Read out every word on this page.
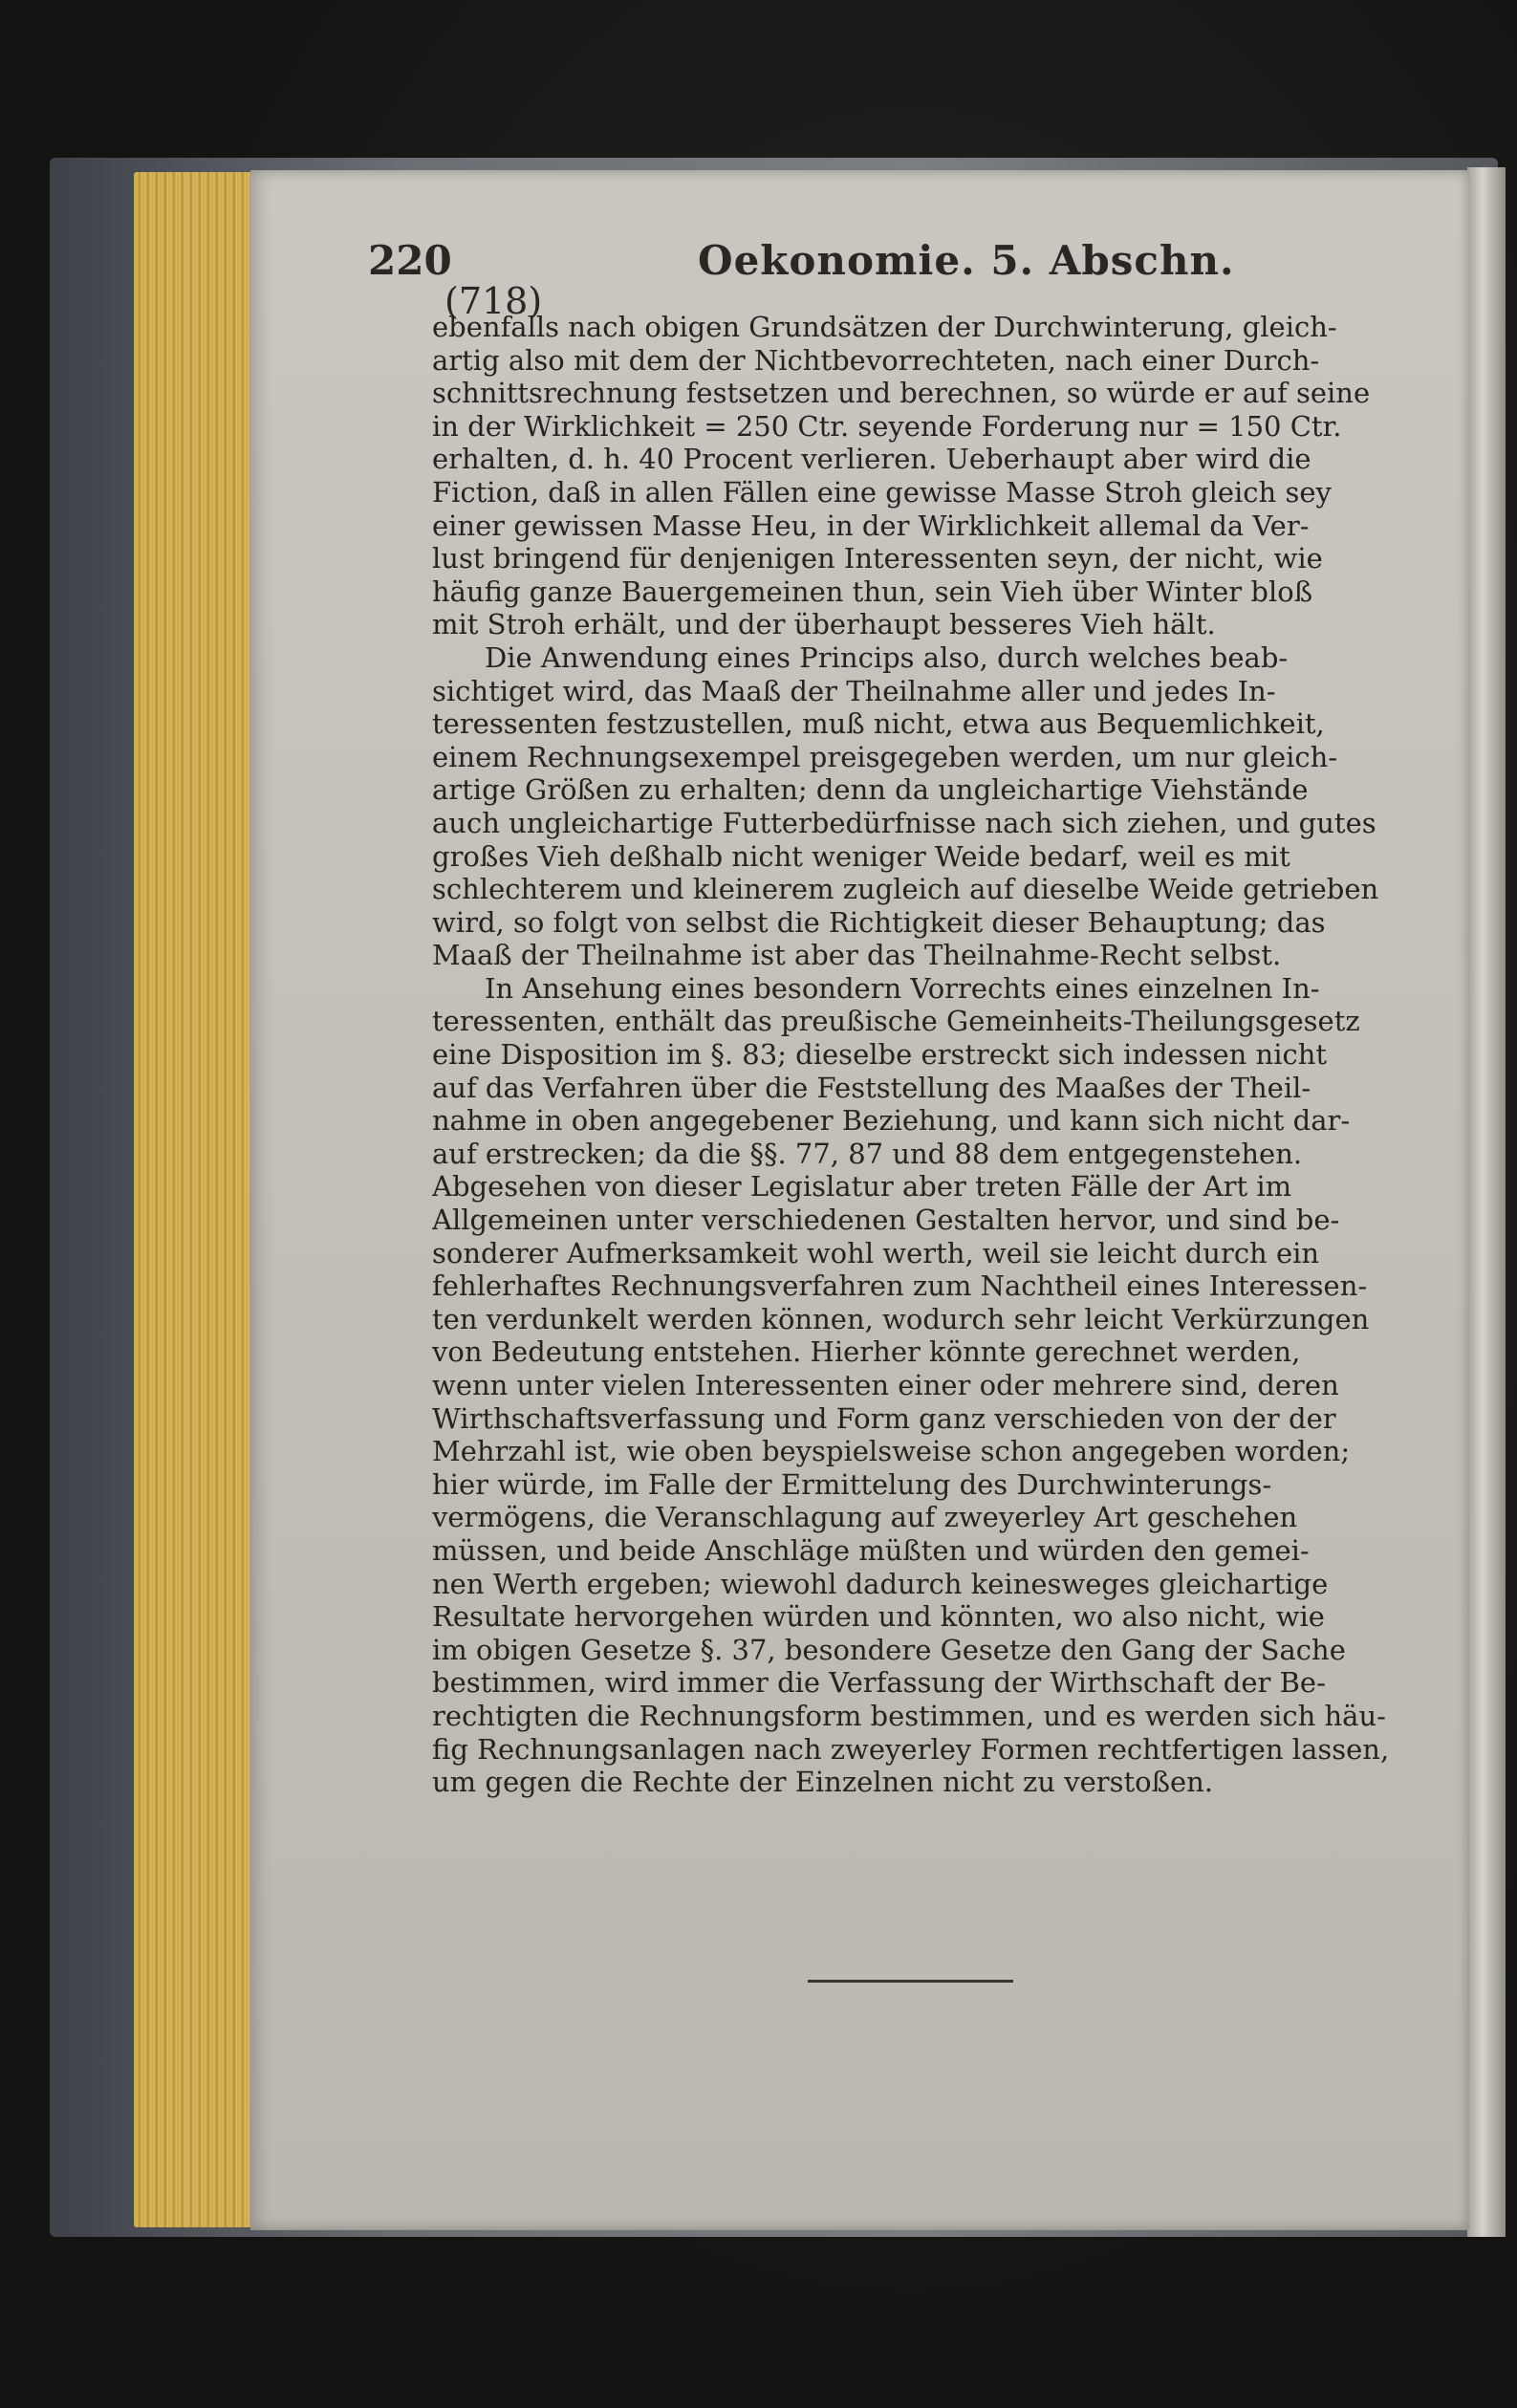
220	Oekonomie. 5. Abschn.
(718)
ebenfalls nach obigen Grundsätzen der Durchwinterung, gleich-
artig also mit dem der Nichtbevorrechteten, nach einer Durch-
schnittsrechnung festsetzen und berechnen, so würde er auf seine
in der Wirklichkeit = 250 Ctr. seyende Forderung nur = 150 Ctr.
erhalten, d. h. 40 Procent verlieren. Ueberhaupt aber wird die
Fiction, daß in allen Fällen eine gewisse Masse Stroh gleich sey
einer gewissen Masse Heu, in der Wirklichkeit allemal da Ver-
lust bringend für denjenigen Interessenten seyn, der nicht, wie
häufig ganze Bauergemeinen thun, sein Vieh über Winter bloß
mit Stroh erhält, und der überhaupt besseres Vieh hält.
Die Anwendung eines Princips also, durch welches beab-
sichtiget wird, das Maaß der Theilnahme aller und jedes In-
teressenten festzustellen, muß nicht, etwa aus Bequemlichkeit,
einem Rechnungsexempel preisgegeben werden, um nur gleich-
artige Größen zu erhalten; denn da ungleichartige Viehstände
auch ungleichartige Futterbedürfnisse nach sich ziehen, und gutes
großes Vieh deßhalb nicht weniger Weide bedarf, weil es mit
schlechterem und kleinerem zugleich auf dieselbe Weide getrieben
wird, so folgt von selbst die Richtigkeit dieser Behauptung; das
Maaß der Theilnahme ist aber das Theilnahme-Recht selbst.
In Ansehung eines besondern Vorrechts eines einzelnen In-
teressenten, enthält das preußische Gemeinheits-Theilungsgesetz
eine Disposition im §. 83; dieselbe erstreckt sich indessen nicht
auf das Verfahren über die Feststellung des Maaßes der Theil-
nahme in oben angegebener Beziehung, und kann sich nicht dar-
auf erstrecken; da die §§. 77, 87 und 88 dem entgegenstehen.
Abgesehen von dieser Legislatur aber treten Fälle der Art im
Allgemeinen unter verschiedenen Gestalten hervor, und sind be-
sonderer Aufmerksamkeit wohl werth, weil sie leicht durch ein
fehlerhaftes Rechnungsverfahren zum Nachtheil eines Interessen-
ten verdunkelt werden können, wodurch sehr leicht Verkürzungen
von Bedeutung entstehen. Hierher könnte gerechnet werden,
wenn unter vielen Interessenten einer oder mehrere sind, deren
Wirthschaftsverfassung und Form ganz verschieden von der der
Mehrzahl ist, wie oben beyspielsweise schon angegeben worden;
hier würde, im Falle der Ermittelung des Durchwinterungs-
vermögens, die Veranschlagung auf zweyerley Art geschehen
müssen, und beide Anschläge müßten und würden den gemei-
nen Werth ergeben; wiewohl dadurch keinesweges gleichartige
Resultate hervorgehen würden und könnten, wo also nicht, wie
im obigen Gesetze §. 37, besondere Gesetze den Gang der Sache
bestimmen, wird immer die Verfassung der Wirthschaft der Be-
rechtigten die Rechnungsform bestimmen, und es werden sich häu-
fig Rechnungsanlagen nach zweyerley Formen rechtfertigen lassen,
um gegen die Rechte der Einzelnen nicht zu verstoßen.
